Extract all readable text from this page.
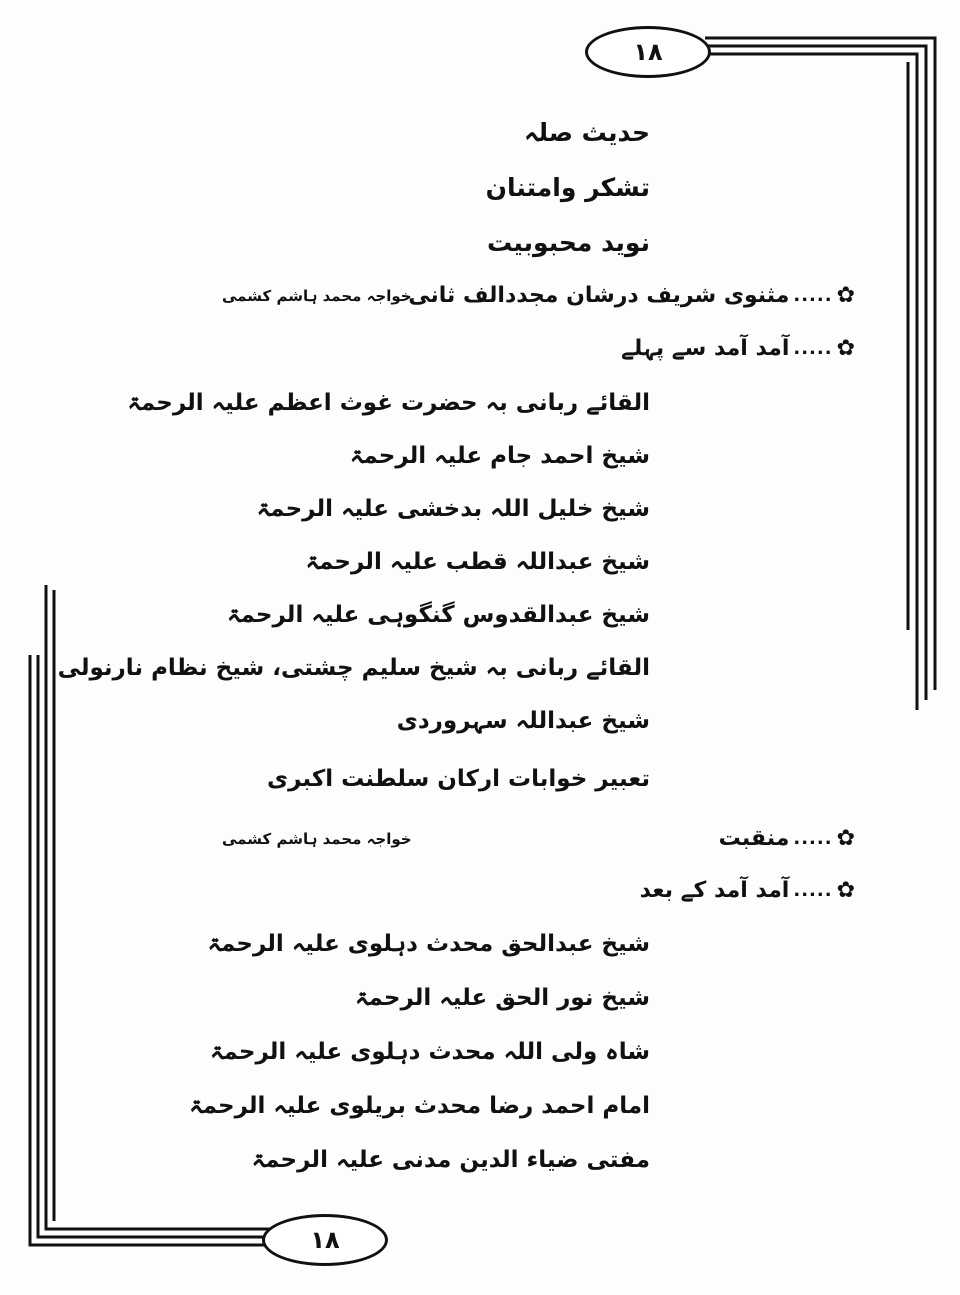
١٨
حدیث صلہ
تشکر وامتنان
نوید محبوبیت
✿
.....
مثنوی شریف درشان مجددالف ثانی
خواجہ محمد ہاشم کشمی
✿
.....
آمد آمد سے پہلے
القائے ربانی بہ حضرت غوث اعظم علیہ الرحمۃ
شیخ احمد جام علیہ الرحمۃ
شیخ خلیل اللہ بدخشی علیہ الرحمۃ
شیخ عبداللہ قطب علیہ الرحمۃ
شیخ عبدالقدوس گنگوہی علیہ الرحمۃ
القائے ربانی بہ شیخ سلیم چشتی، شیخ نظام نارنولی
شیخ عبداللہ سہروردی
تعبیر خوابات ارکان سلطنت اکبری
✿
.....
منقبت
خواجہ محمد ہاشم کشمی
✿
.....
آمد آمد کے بعد
شیخ عبدالحق محدث دہلوی علیہ الرحمۃ
شیخ نور الحق علیہ الرحمۃ
شاہ ولی اللہ محدث دہلوی علیہ الرحمۃ
امام احمد رضا محدث بریلوی علیہ الرحمۃ
مفتی ضیاء الدین مدنی علیہ الرحمۃ
١٨
